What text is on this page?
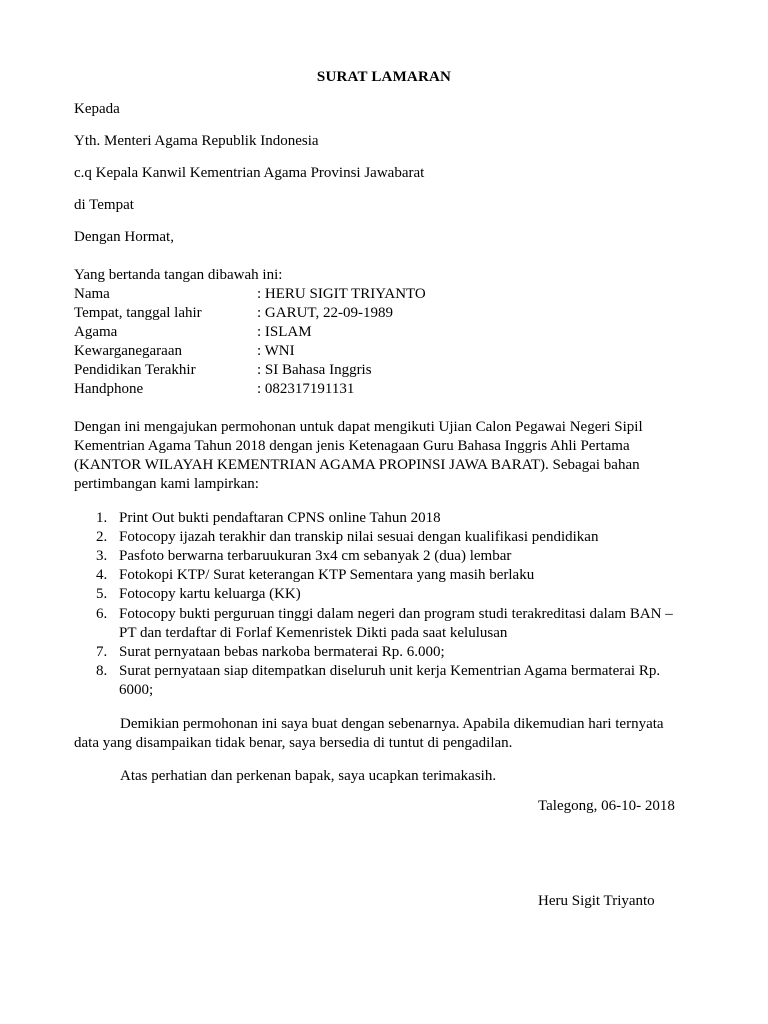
SURAT LAMARAN
Kepada
Yth. Menteri Agama Republik Indonesia
c.q Kepala Kanwil Kementrian Agama Provinsi Jawabarat
di Tempat
Dengan Hormat,
Yang bertanda tangan dibawah ini:
Nama	: HERU SIGIT TRIYANTO
Tempat, tanggal lahir	: GARUT, 22-09-1989
Agama	: ISLAM
Kewarganegaraan	: WNI
Pendidikan Terakhir	: SI Bahasa Inggris
Handphone	: 082317191131
Dengan ini mengajukan permohonan untuk dapat mengikuti Ujian Calon Pegawai Negeri Sipil
Kementrian Agama Tahun 2018 dengan jenis Ketenagaan Guru Bahasa Inggris Ahli Pertama
(KANTOR WILAYAH KEMENTRIAN AGAMA PROPINSI JAWA BARAT). Sebagai bahan
pertimbangan kami lampirkan:
1. Print Out bukti pendaftaran CPNS online Tahun 2018
2. Fotocopy ijazah terakhir dan transkip nilai sesuai dengan kualifikasi pendidikan
3. Pasfoto berwarna terbaruukuran 3x4 cm sebanyak 2 (dua) lembar
4. Fotokopi KTP/ Surat keterangan KTP Sementara yang masih berlaku
5. Fotocopy kartu keluarga (KK)
6. Fotocopy bukti perguruan tinggi dalam negeri dan program studi terakreditasi dalam BAN –
PT dan terdaftar di Forlaf Kemenristek Dikti pada saat kelulusan
7. Surat pernyataan bebas narkoba bermaterai Rp. 6.000;
8. Surat pernyataan siap ditempatkan diseluruh unit kerja Kementrian Agama bermaterai Rp.
6000;
Demikian permohonan ini saya buat dengan sebenarnya. Apabila dikemudian hari ternyata
data yang disampaikan tidak benar, saya bersedia di tuntut di pengadilan.
Atas perhatian dan perkenan bapak, saya ucapkan terimakasih.
Talegong, 06-10- 2018
Heru Sigit Triyanto
